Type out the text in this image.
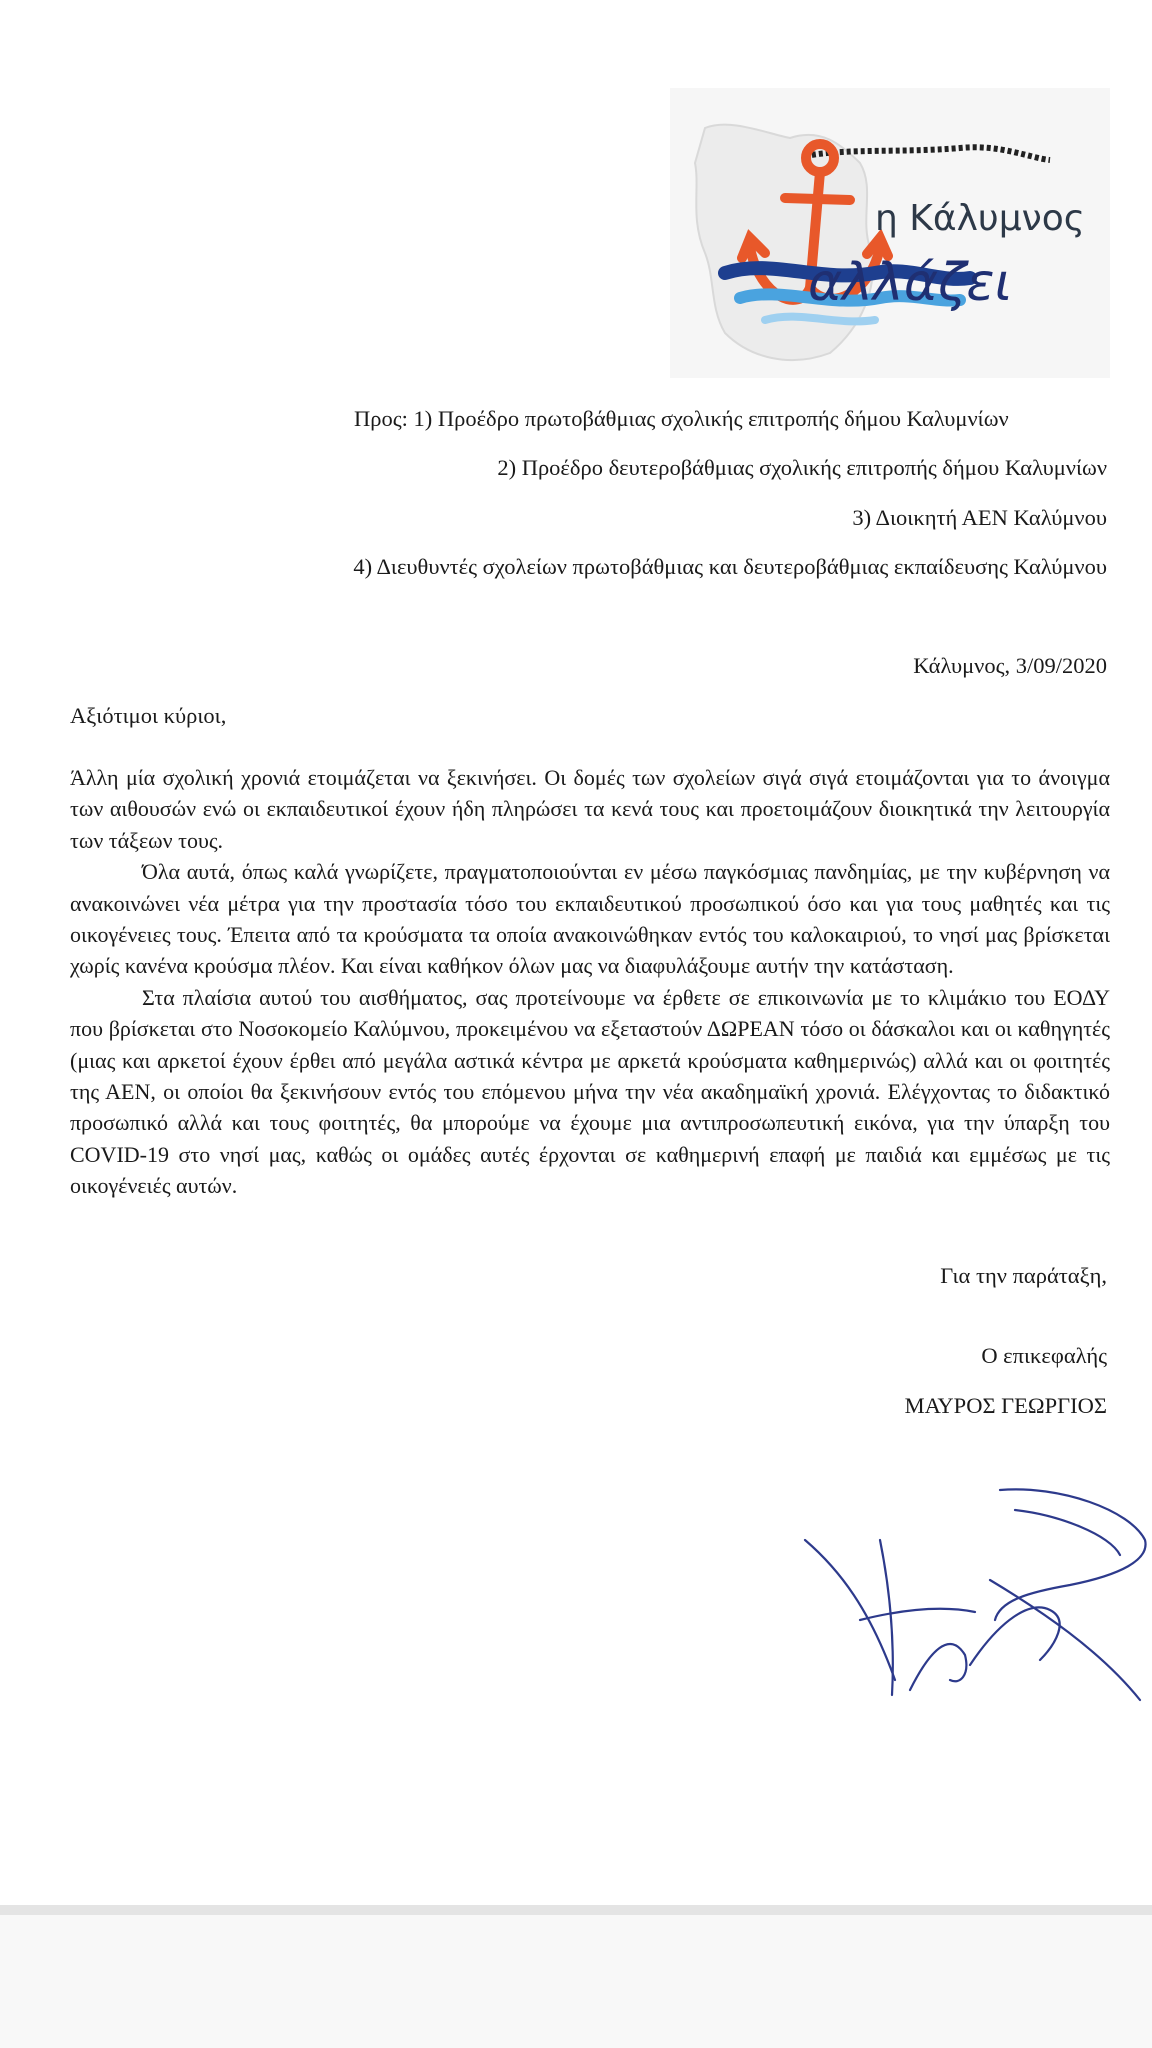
η Κάλυμνος
αλλάζει
Προς: 1) Προέδρο πρωτοβάθμιας σχολικής επιτροπής δήμου Καλυμνίων
2) Προέδρο δευτεροβάθμιας σχολικής επιτροπής δήμου Καλυμνίων
3) Διοικητή ΑΕΝ Καλύμνου
4) Διευθυντές σχολείων πρωτοβάθμιας και δευτεροβάθμιας εκπαίδευσης Καλύμνου
Κάλυμνος, 3/09/2020
Αξιότιμοι κύριοι,

Άλλη μία σχολική χρονιά ετοιμάζεται να ξεκινήσει. Οι δομές των σχολείων σιγά σιγά ετοιμάζονται για το άνοιγμα των αιθουσών ενώ οι εκπαιδευτικοί έχουν ήδη πληρώσει τα κενά τους και προετοιμάζουν διοικητικά την λειτουργία των τάξεων τους.

Όλα αυτά, όπως καλά γνωρίζετε, πραγματοποιούνται εν μέσω παγκόσμιας πανδημίας, με την κυβέρνηση να ανακοινώνει νέα μέτρα για την προστασία τόσο του εκπαιδευτικού προσωπικού όσο και για τους μαθητές και τις οικογένειες τους. Έπειτα από τα κρούσματα τα οποία ανακοινώθηκαν εντός του καλοκαιριού, το νησί μας βρίσκεται χωρίς κανένα κρούσμα πλέον. Και είναι καθήκον όλων μας να διαφυλάξουμε αυτήν την κατάσταση.

Στα πλαίσια αυτού του αισθήματος, σας προτείνουμε να έρθετε σε επικοινωνία με το κλιμάκιο του ΕΟΔΥ που βρίσκεται στο Νοσοκομείο Καλύμνου, προκειμένου να εξεταστούν ΔΩΡΕΑΝ τόσο οι δάσκαλοι και οι καθηγητές (μιας και αρκετοί έχουν έρθει από μεγάλα αστικά κέντρα με αρκετά κρούσματα καθημερινώς) αλλά και οι φοιτητές της ΑΕΝ, οι οποίοι θα ξεκινήσουν εντός του επόμενου μήνα την νέα ακαδημαϊκή χρονιά. Ελέγχοντας το διδακτικό προσωπικό αλλά και τους φοιτητές, θα μπορούμε να έχουμε μια αντιπροσωπευτική εικόνα, για την ύπαρξη του COVID-19 στο νησί μας, καθώς οι ομάδες αυτές έρχονται σε καθημερινή επαφή με παιδιά και εμμέσως με τις οικογένειές αυτών.

Για την παράταξη,
Ο επικεφαλής
ΜΑΥΡΟΣ ΓΕΩΡΓΙΟΣ
